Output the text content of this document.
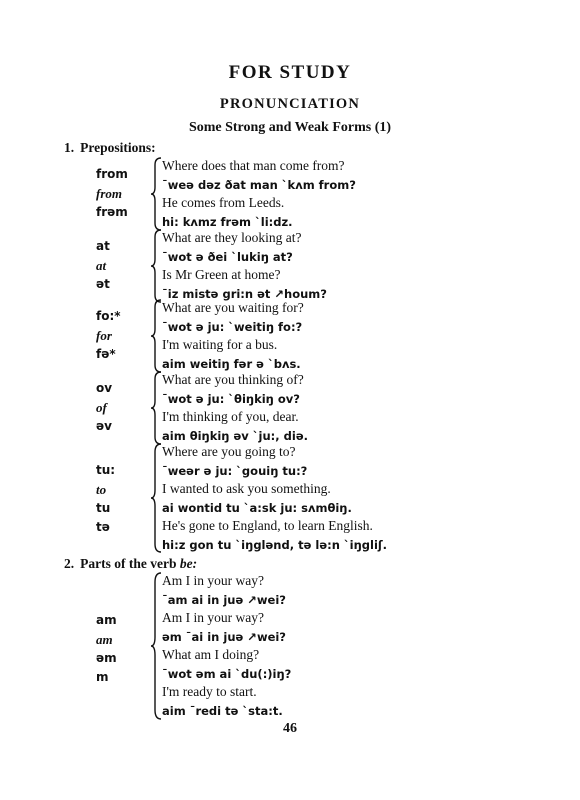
FOR STUDY
PRONUNCIATION
Some Strong and Weak Forms (1)
1. Prepositions:
from
from
frəm
Where does that man come from?
ˉweə dəz ðat man ˋkʌm from?
He comes from Leeds.
hi: kʌmz frəm ˋli:dz.
at
at
ət
What are they looking at?
ˉwot ə ðei ˋlukiŋ at?
Is Mr Green at home?
ˉiz mistə gri:n ət ↗houm?
fo:*
for
fə*
What are you waiting for?
ˉwot ə ju: ˋweitiŋ fo:?
I'm waiting for a bus.
aim weitiŋ fər ə ˋbʌs.
ov
of
əv
What are you thinking of?
ˉwot ə ju: ˋθiŋkiŋ ov?
I'm thinking of you, dear.
aim θiŋkiŋ əv ˋju:, diə.
tu:
to
tu
tə
Where are you going to?
ˉweər ə ju: ˋgouiŋ tu:?
I wanted to ask you something.
ai wontid tu ˋa:sk ju: sʌmθiŋ.
He's gone to England, to learn English.
hi:z gon tu ˋiŋglənd, tə lə:n ˋiŋgliʃ.
2. Parts of the verb be:
am
am
əm
m
Am I in your way?
ˉam ai in juə ↗wei?
Am I in your way?
əm ˉai in juə ↗wei?
What am I doing?
ˉwot əm ai ˋdu(:)iŋ?
I'm ready to start.
aim ˉredi tə ˋsta:t.
46
